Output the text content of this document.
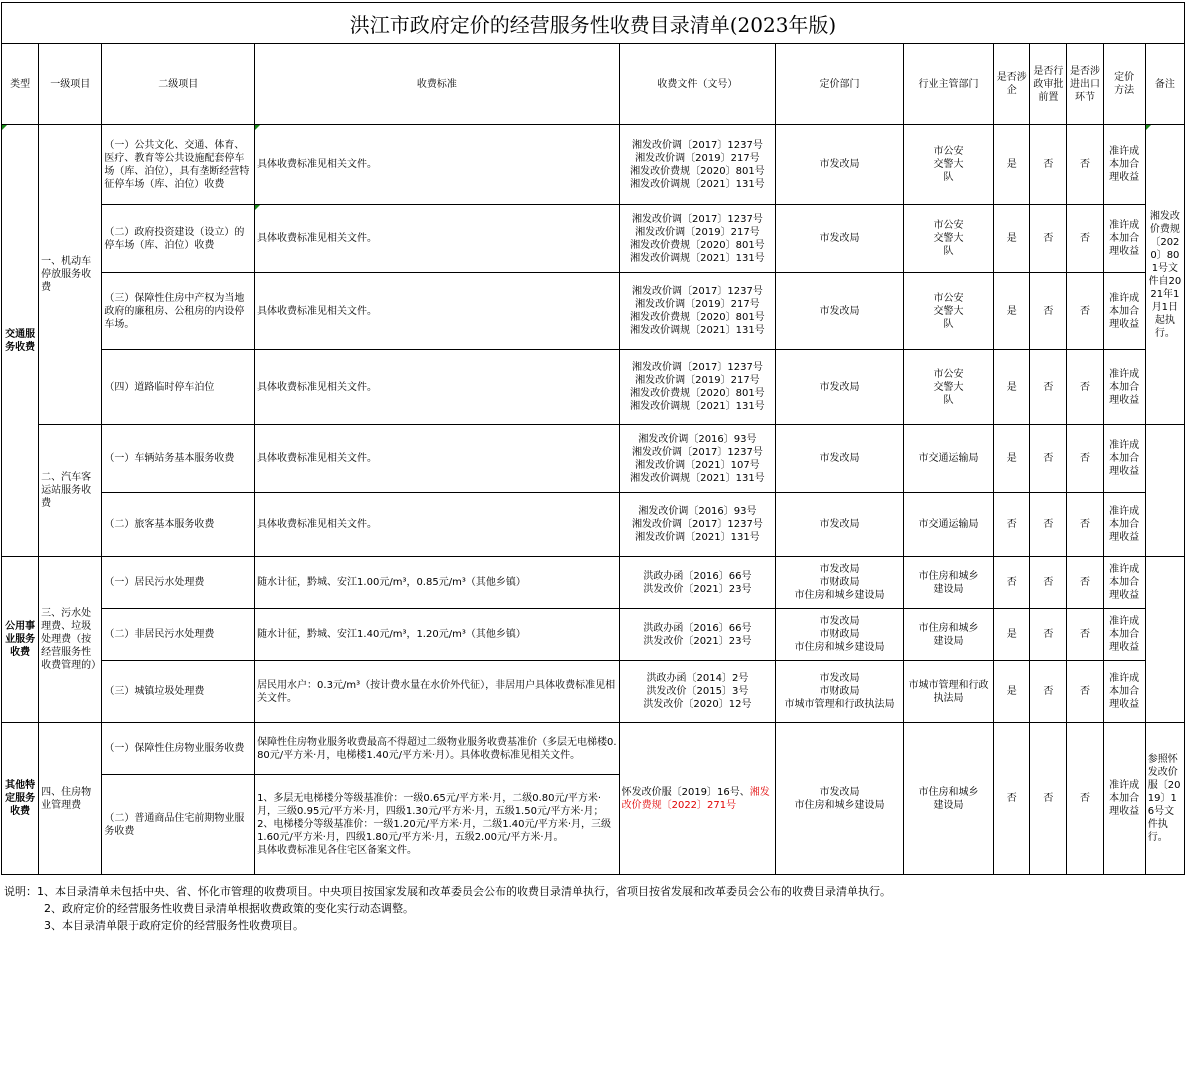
洪江市政府定价的经营服务性收费目录清单(2023年版)
类型	一级项目	二级项目	收费标准	收费文件（文号）	定价部门	行业主管部门	是否涉企	是否行政审批前置	是否涉进出口环节	定价方法	备注
交通服务收费	一、机动车停放服务收费	（一）公共文化、交通、体育、医疗、教育等公共设施配套停车场（库、泊位），具有垄断经营特征停车场（库、泊位）收费	具体收费标准见相关文件。	湘发改价调〔2017〕1237号
湘发改价调〔2019〕217号
湘发改价费规〔2020〕801号
湘发改价调规〔2021〕131号	市发改局	市公安交警大队	是	否	否	准许成本加合理收益	湘发改价费规〔2020〕801号文件自2021年1月1日起执行。
		（二）政府投资建设（设立）的停车场（库、泊位）收费	具体收费标准见相关文件。	湘发改价调〔2017〕1237号
湘发改价调〔2019〕217号
湘发改价费规〔2020〕801号
湘发改价调规〔2021〕131号	市发改局	市公安交警大队	是	否	否	准许成本加合理收益	
		（三）保障性住房中产权为当地政府的廉租房、公租房的内设停车场。	具体收费标准见相关文件。	湘发改价调〔2017〕1237号
湘发改价调〔2019〕217号
湘发改价费规〔2020〕801号
湘发改价调规〔2021〕131号	市发改局	市公安交警大队	是	否	否	准许成本加合理收益	
		（四）道路临时停车泊位	具体收费标准见相关文件。	湘发改价调〔2017〕1237号
湘发改价调〔2019〕217号
湘发改价费规〔2020〕801号
湘发改价调规〔2021〕131号	市发改局	市公安交警大队	是	否	否	准许成本加合理收益	
	二、汽车客运站服务收费	（一）车辆站务基本服务收费	具体收费标准见相关文件。	湘发改价调〔2016〕93号
湘发改价调〔2017〕1237号
湘发改价调〔2021〕107号
湘发改价调规〔2021〕131号	市发改局	市交通运输局	是	否	否	准许成本加合理收益	
		（二）旅客基本服务收费	具体收费标准见相关文件。	湘发改价调〔2016〕93号
湘发改价调〔2017〕1237号
湘发改价调〔2021〕131号	市发改局	市交通运输局	否	否	否	准许成本加合理收益	
公用事业服务收费	三、污水处理费、垃圾处理费（按经营服务性收费管理的）	（一）居民污水处理费	随水计征，黔城、安江1.00元/m³，0.85元/m³（其他乡镇）	洪政办函〔2016〕66号
洪发改价〔2021〕23号	市发改局
市财政局
市住房和城乡建设局	市住房和城乡建设局	否	否	否	准许成本加合理收益	
		（二）非居民污水处理费	随水计征，黔城、安江1.40元/m³，1.20元/m³（其他乡镇）	洪政办函〔2016〕66号
洪发改价〔2021〕23号	市发改局
市财政局
市住房和城乡建设局	市住房和城乡建设局	是	否	否	准许成本加合理收益	
		（三）城镇垃圾处理费	居民用水户：0.3元/m³（按计费水量在水价外代征），非居用户具体收费标准见相关文件。	洪政办函〔2014〕2号
洪发改价〔2015〕3号
洪发改价〔2020〕12号	市发改局
市财政局
市城市管理和行政执法局	市城市管理和行政执法局	是	否	否	准许成本加合理收益	
其他特定服务收费	四、住房物业管理费	（一）保障性住房物业服务收费	保障性住房物业服务收费最高不得超过二级物业服务收费基准价（多层无电梯楼0.80元/平方米·月，电梯楼1.40元/平方米·月）。具体收费标准见相关文件。	怀发改价服〔2019〕16号、湘发改价费规〔2022〕271号	市发改局
市住房和城乡建设局	市住房和城乡建设局	否	否	否	准许成本加合理收益	参照怀发改价服〔2019〕16号文件执行。
		（二）普通商品住宅前期物业服务收费	1、多层无电梯楼分等级基准价：一级0.65元/平方米·月，二级0.80元/平方米·月，三级0.95元/平方米·月，四级1.30元/平方米·月，五级1.50元/平方米·月；
2、电梯楼分等级基准价：一级1.20元/平方米·月，二级1.40元/平方米·月，三级1.60元/平方米·月，四级1.80元/平方米·月，五级2.00元/平方米·月。
具体收费标准见各住宅区备案文件。								
说明：1、本目录清单未包括中央、省、怀化市管理的收费项目。中央项目按国家发展和改革委员会公布的收费目录清单执行，省项目按省发展和改革委员会公布的收费目录清单执行。
2、政府定价的经营服务性收费目录清单根据收费政策的变化实行动态调整。
3、本目录清单限于政府定价的经营服务性收费项目。
